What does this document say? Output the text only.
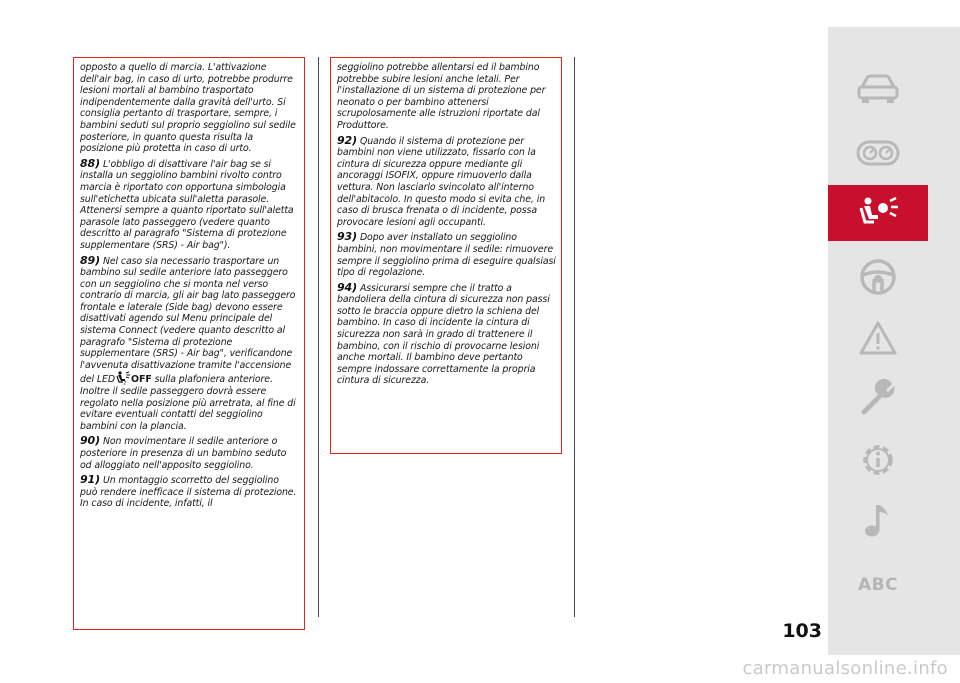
opposto a quello di marcia. L'attivazione dell'air bag, in caso di urto, potrebbe produrre lesioni mortali al bambino trasportato indipendentemente dalla gravità dell'urto. Si consiglia pertanto di trasportare, sempre, i bambini seduti sul proprio seggiolino sul sedile posteriore, in quanto questa risulta la posizione più protetta in caso di urto.

88) L'obbligo di disattivare l'air bag se si installa un seggiolino bambini rivolto contro marcia è riportato con opportuna simbologia sull'etichetta ubicata sull'aletta parasole. Attenersi sempre a quanto riportato sull'aletta parasole lato passeggero (vedere quanto descritto al paragrafo "Sistema di protezione supplementare (SRS) - Air bag").

89) Nel caso sia necessario trasportare un bambino sul sedile anteriore lato passeggero con un seggiolino che si monta nel verso contrario di marcia, gli air bag lato passeggero frontale e laterale (Side bag) devono essere disattivati agendo sul Menu principale del sistema Connect (vedere quanto descritto al paragrafo "Sistema di protezione supplementare (SRS) - Air bag", verificandone l'avvenuta disattivazione tramite l'accensione del LED 2 OFF sulla plafoniera anteriore. Inoltre il sedile passeggero dovrà essere regolato nella posizione più arretrata, al fine di evitare eventuali contatti del seggiolino bambini con la plancia.

90) Non movimentare il sedile anteriore o posteriore in presenza di un bambino seduto od alloggiato nell'apposito seggiolino.

91) Un montaggio scorretto del seggiolino può rendere inefficace il sistema di protezione. In caso di incidente, infatti, il

seggiolino potrebbe allentarsi ed il bambino potrebbe subire lesioni anche letali. Per l'installazione di un sistema di protezione per neonato o per bambino attenersi scrupolosamente alle istruzioni riportate dal Produttore.

92) Quando il sistema di protezione per bambini non viene utilizzato, fissarlo con la cintura di sicurezza oppure mediante gli ancoraggi ISOFIX, oppure rimuoverlo dalla vettura. Non lasciarlo svincolato all'interno dell'abitacolo. In questo modo si evita che, in caso di brusca frenata o di incidente, possa provocare lesioni agli occupanti.

93) Dopo aver installato un seggiolino bambini, non movimentare il sedile: rimuovere sempre il seggiolino prima di eseguire qualsiasi tipo di regolazione.

94) Assicurarsi sempre che il tratto a bandoliera della cintura di sicurezza non passi sotto le braccia oppure dietro la schiena del bambino. In caso di incidente la cintura di sicurezza non sarà in grado di trattenere il bambino, con il rischio di provocarne lesioni anche mortali. Il bambino deve pertanto sempre indossare correttamente la propria cintura di sicurezza.

ABC
103
carmanualsonline.info
